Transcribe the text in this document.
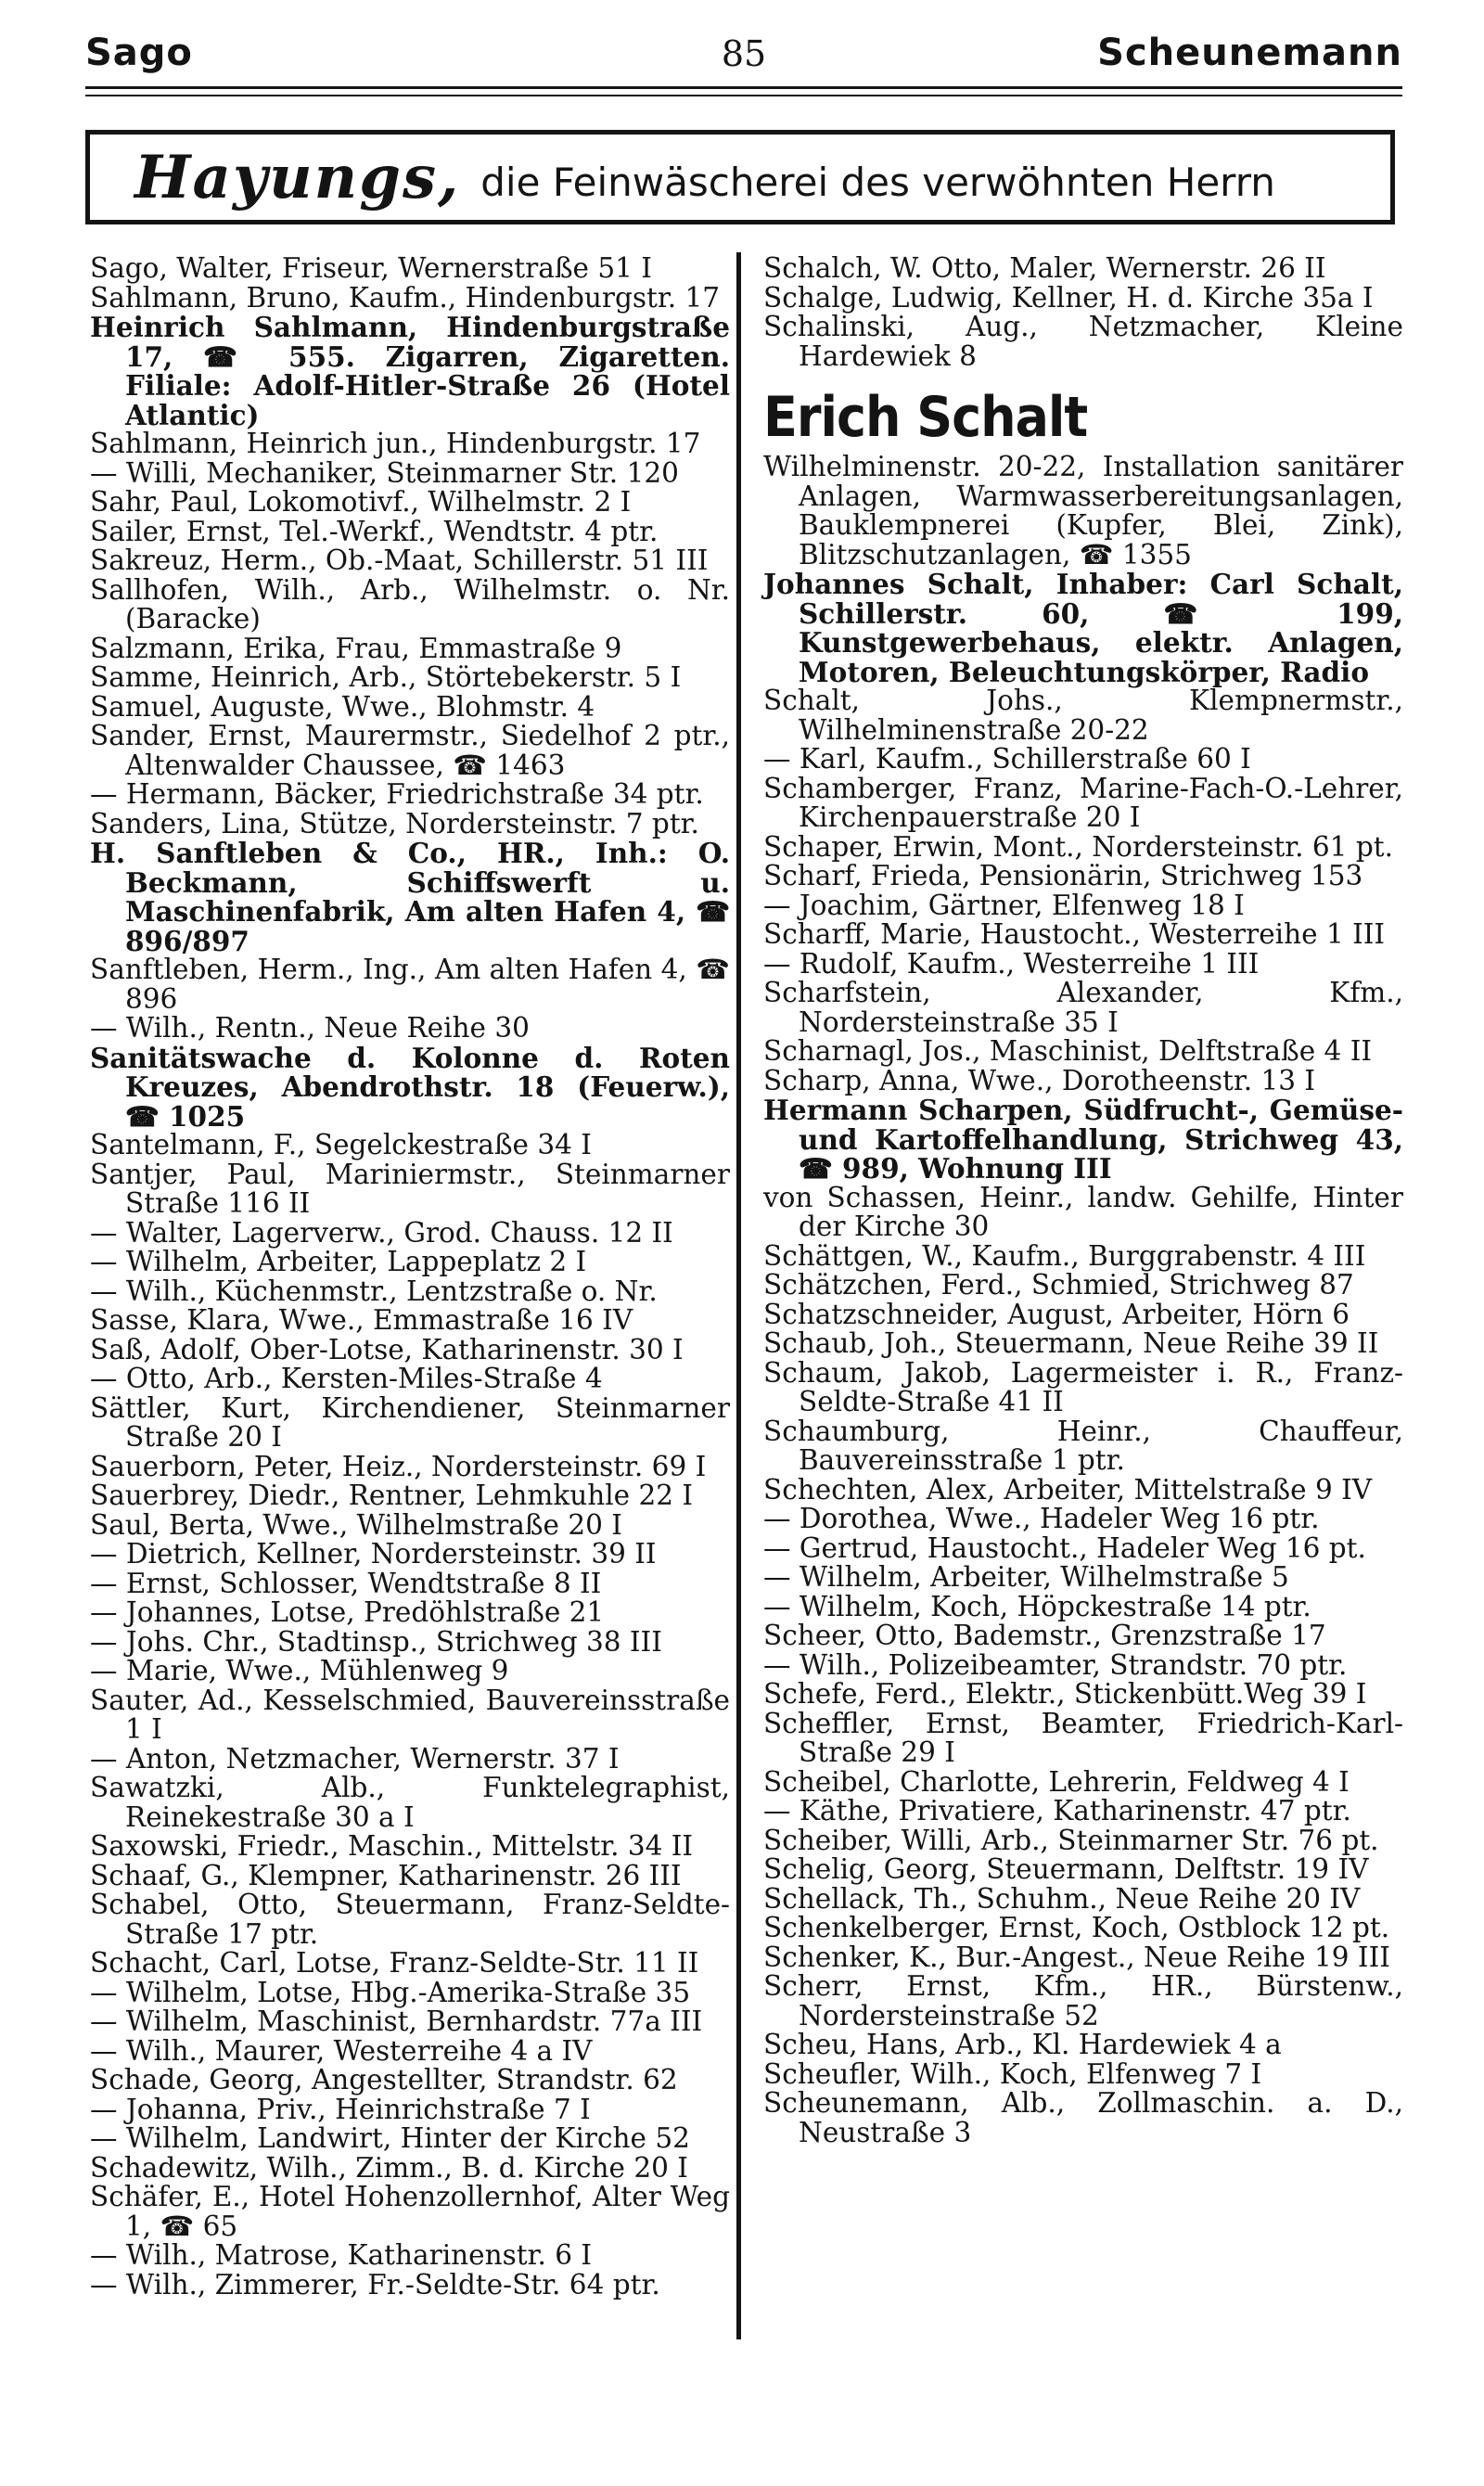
Sago	85	Scheunemann
Hayungs, die Feinwäscherei des verwöhnten Herrn
Sago, Walter, Friseur, Wernerstraße 51 I
Sahlmann, Bruno, Kaufm., Hindenburgstr. 17
Heinrich Sahlmann, Hindenburgstraße 17, ☎ 555. Zigarren, Zigaretten. Filiale: Adolf-Hitler-Straße 26 (Hotel Atlantic)
Sahlmann, Heinrich jun., Hindenburgstr. 17
— Willi, Mechaniker, Steinmarner Str. 120
Sahr, Paul, Lokomotivf., Wilhelmstr. 2 I
Sailer, Ernst, Tel.-Werkf., Wendtstr. 4 ptr.
Sakreuz, Herm., Ob.-Maat, Schillerstr. 51 III
Sallhofen, Wilh., Arb., Wilhelmstr. o. Nr. (Baracke)
Salzmann, Erika, Frau, Emmastraße 9
Samme, Heinrich, Arb., Störtebekerstr. 5 I
Samuel, Auguste, Wwe., Blohmstr. 4
Sander, Ernst, Maurermstr., Siedelhof 2 ptr., Altenwalder Chaussee, ☎ 1463
— Hermann, Bäcker, Friedrichstraße 34 ptr.
Sanders, Lina, Stütze, Nordersteinstr. 7 ptr.
H. Sanftleben & Co., HR., Inh.: O. Beckmann, Schiffswerft u. Maschinenfabrik, Am alten Hafen 4, ☎ 896/897
Sanftleben, Herm., Ing., Am alten Hafen 4, ☎ 896
— Wilh., Rentn., Neue Reihe 30
Sanitätswache d. Kolonne d. Roten Kreuzes, Abendrothstr. 18 (Feuerw.), ☎ 1025
Santelmann, F., Segelckestraße 34 I
Santjer, Paul, Mariniermstr., Steinmarner Straße 116 II
— Walter, Lagerverw., Grod. Chauss. 12 II
— Wilhelm, Arbeiter, Lappeplatz 2 I
— Wilh., Küchenmstr., Lentzstraße o. Nr.
Sasse, Klara, Wwe., Emmastraße 16 IV
Saß, Adolf, Ober-Lotse, Katharinenstr. 30 I
— Otto, Arb., Kersten-Miles-Straße 4
Sättler, Kurt, Kirchendiener, Steinmarner Straße 20 I
Sauerborn, Peter, Heiz., Nordersteinstr. 69 I
Sauerbrey, Diedr., Rentner, Lehmkuhle 22 I
Saul, Berta, Wwe., Wilhelmstraße 20 I
— Dietrich, Kellner, Nordersteinstr. 39 II
— Ernst, Schlosser, Wendtstraße 8 II
— Johannes, Lotse, Predöhlstraße 21
— Johs. Chr., Stadtinsp., Strichweg 38 III
— Marie, Wwe., Mühlenweg 9
Sauter, Ad., Kesselschmied, Bauvereinsstraße 1 I
— Anton, Netzmacher, Wernerstr. 37 I
Sawatzki, Alb., Funktelegraphist, Reinekestraße 30 a I
Saxowski, Friedr., Maschin., Mittelstr. 34 II
Schaaf, G., Klempner, Katharinenstr. 26 III
Schabel, Otto, Steuermann, Franz-Seldte-Straße 17 ptr.
Schacht, Carl, Lotse, Franz-Seldte-Str. 11 II
— Wilhelm, Lotse, Hbg.-Amerika-Straße 35
— Wilhelm, Maschinist, Bernhardstr. 77a III
— Wilh., Maurer, Westerreihe 4 a IV
Schade, Georg, Angestellter, Strandstr. 62
— Johanna, Priv., Heinrichstraße 7 I
— Wilhelm, Landwirt, Hinter der Kirche 52
Schadewitz, Wilh., Zimm., B. d. Kirche 20 I
Schäfer, E., Hotel Hohenzollernhof, Alter Weg 1, ☎ 65
— Wilh., Matrose, Katharinenstr. 6 I
— Wilh., Zimmerer, Fr.-Seldte-Str. 64 ptr.
Schalch, W. Otto, Maler, Wernerstr. 26 II
Schalge, Ludwig, Kellner, H. d. Kirche 35a I
Schalinski, Aug., Netzmacher, Kleine Hardewiek 8
Erich Schalt
Wilhelminenstr. 20-22, Installation sanitärer Anlagen, Warmwasserbereitungsanlagen, Bauklempnerei (Kupfer, Blei, Zink), Blitzschutzanlagen, ☎ 1355
Johannes Schalt, Inhaber: Carl Schalt, Schillerstr. 60, ☎ 199, Kunstgewerbehaus, elektr. Anlagen, Motoren, Beleuchtungskörper, Radio
Schalt, Johs., Klempnermstr., Wilhelminenstraße 20-22
— Karl, Kaufm., Schillerstraße 60 I
Schamberger, Franz, Marine-Fach-O.-Lehrer, Kirchenpauerstraße 20 I
Schaper, Erwin, Mont., Nordersteinstr. 61 pt.
Scharf, Frieda, Pensionärin, Strichweg 153
— Joachim, Gärtner, Elfenweg 18 I
Scharff, Marie, Haustocht., Westerreihe 1 III
— Rudolf, Kaufm., Westerreihe 1 III
Scharfstein, Alexander, Kfm., Nordersteinstraße 35 I
Scharnagl, Jos., Maschinist, Delftstraße 4 II
Scharp, Anna, Wwe., Dorotheenstr. 13 I
Hermann Scharpen, Südfrucht-, Gemüse- und Kartoffelhandlung, Strichweg 43, ☎ 989, Wohnung III
von Schassen, Heinr., landw. Gehilfe, Hinter der Kirche 30
Schättgen, W., Kaufm., Burggrabenstr. 4 III
Schätzchen, Ferd., Schmied, Strichweg 87
Schatzschneider, August, Arbeiter, Hörn 6
Schaub, Joh., Steuermann, Neue Reihe 39 II
Schaum, Jakob, Lagermeister i. R., Franz-Seldte-Straße 41 II
Schaumburg, Heinr., Chauffeur, Bauvereinsstraße 1 ptr.
Schechten, Alex, Arbeiter, Mittelstraße 9 IV
— Dorothea, Wwe., Hadeler Weg 16 ptr.
— Gertrud, Haustocht., Hadeler Weg 16 pt.
— Wilhelm, Arbeiter, Wilhelmstraße 5
— Wilhelm, Koch, Höpckestraße 14 ptr.
Scheer, Otto, Bademstr., Grenzstraße 17
— Wilh., Polizeibeamter, Strandstr. 70 ptr.
Schefe, Ferd., Elektr., Stickenbütt.Weg 39 I
Scheffler, Ernst, Beamter, Friedrich-Karl-Straße 29 I
Scheibel, Charlotte, Lehrerin, Feldweg 4 I
— Käthe, Privatiere, Katharinenstr. 47 ptr.
Scheiber, Willi, Arb., Steinmarner Str. 76 pt.
Schelig, Georg, Steuermann, Delftstr. 19 IV
Schellack, Th., Schuhm., Neue Reihe 20 IV
Schenkelberger, Ernst, Koch, Ostblock 12 pt.
Schenker, K., Bur.-Angest., Neue Reihe 19 III
Scherr, Ernst, Kfm., HR., Bürstenw., Nordersteinstraße 52
Scheu, Hans, Arb., Kl. Hardewiek 4 a
Scheufler, Wilh., Koch, Elfenweg 7 I
Scheunemann, Alb., Zollmaschin. a. D., Neustraße 3
